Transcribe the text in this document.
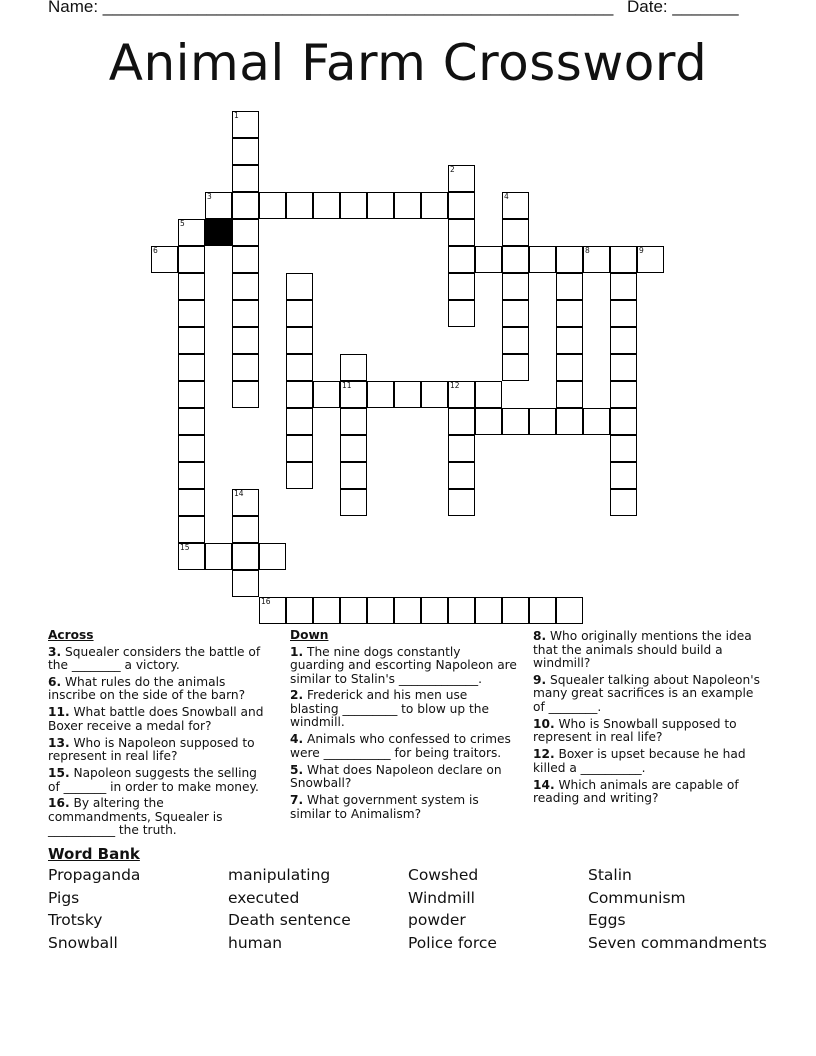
Name: ______________________________________________________ Date: _______
Animal Farm Crossword
1
2
3	4
5
6	8	9
11	12
14
15
16
Across
3. Squealer considers the battle of the ________ a victory.
6. What rules do the animals inscribe on the side of the barn?
11. What battle does Snowball and Boxer receive a medal for?
13. Who is Napoleon supposed to represent in real life?
15. Napoleon suggests the selling of _______ in order to make money.
16. By altering the commandments, Squealer is ___________ the truth.
Down
1. The nine dogs constantly guarding and escorting Napoleon are similar to Stalin's _____________.
2. Frederick and his men use blasting _________ to blow up the windmill.
4. Animals who confessed to crimes were ___________ for being traitors.
5. What does Napoleon declare on Snowball?
7. What government system is similar to Animalism?
8. Who originally mentions the idea that the animals should build a windmill?
9. Squealer talking about Napoleon's many great sacrifices is an example of ________.
10. Who is Snowball supposed to represent in real life?
12. Boxer is upset because he had killed a __________.
14. Which animals are capable of reading and writing?
Word Bank
Propaganda
Pigs
Trotsky
Snowball
manipulating
executed
Death sentence
human
Cowshed
Windmill
powder
Police force
Stalin
Communism
Eggs
Seven commandments
